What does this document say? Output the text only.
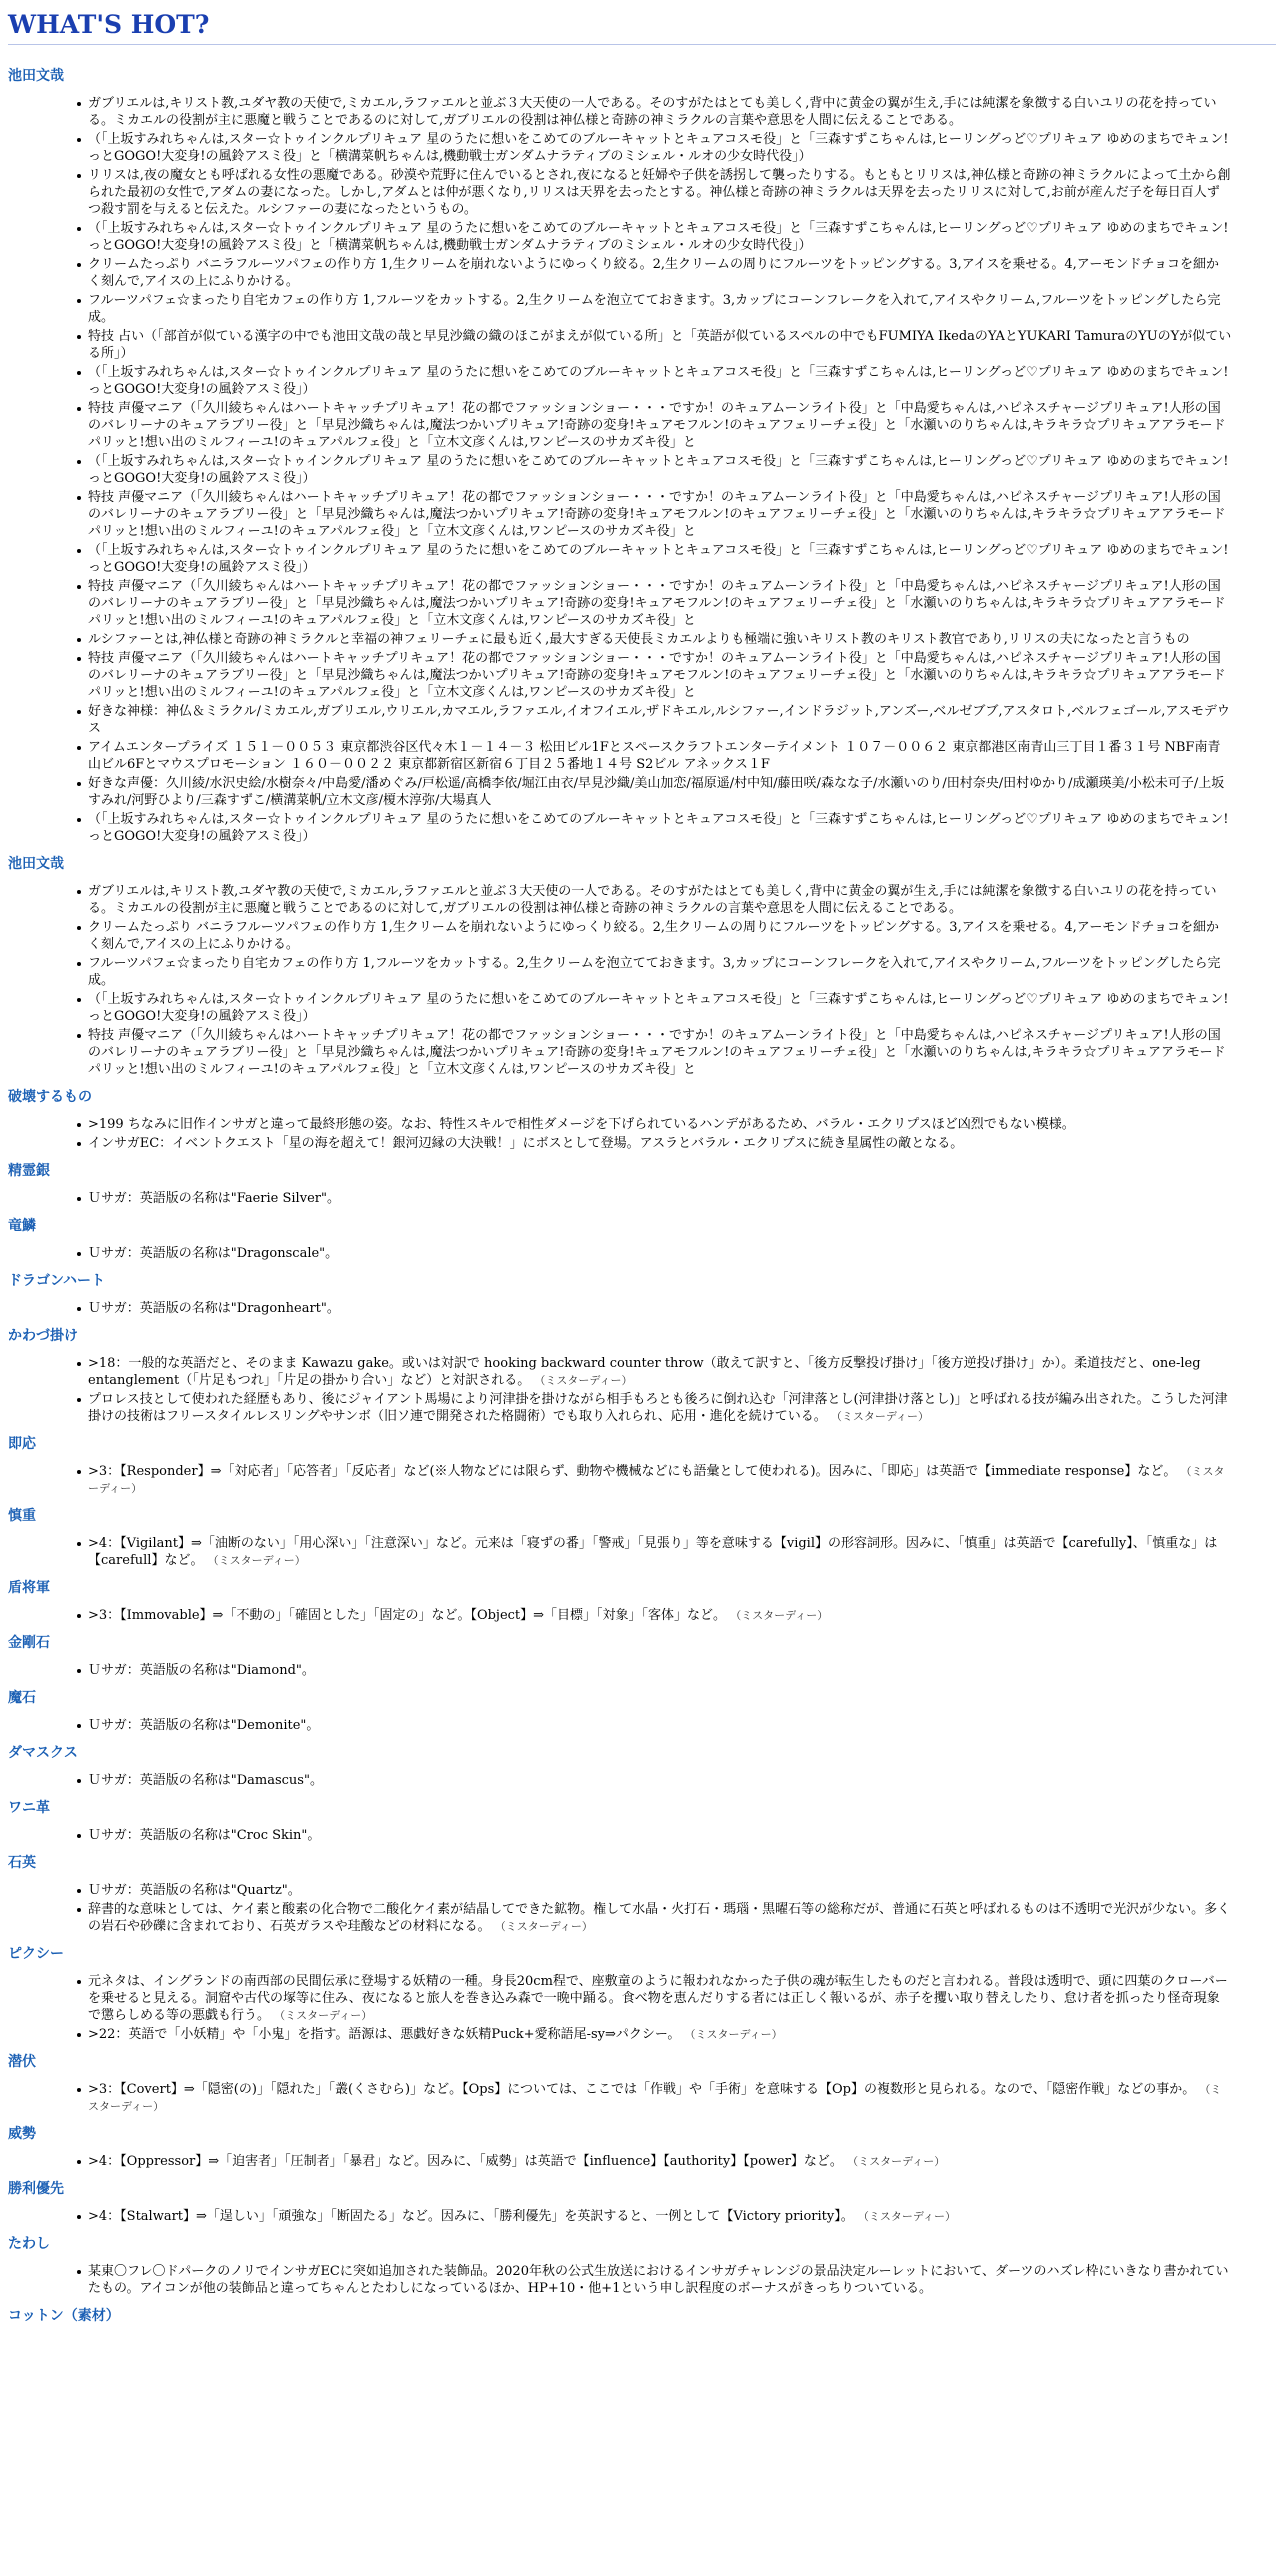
WHAT'S HOT?
池田文哉
ガブリエルは,キリスト教,ユダヤ教の天使で,ミカエル,ラファエルと並ぶ３大天使の一人である。そのすがたはとても美しく,背中に黄金の翼が生え,手には純潔を象徴する白いユリの花を持っている。ミカエルの役割が主に悪魔と戦うことであるのに対して,ガブリエルの役割は神仏様と奇跡の神ミラクルの言葉や意思を人間に伝えることである。
（「上坂すみれちゃんは,スター☆トゥインクルプリキュア 星のうたに想いをこめてのブルーキャットとキュアコスモ役」と「三森すずこちゃんは,ヒーリングっど♡プリキュア ゆめのまちでキュン!っとGOGO!大変身!の風鈴アスミ役」と「横溝菜帆ちゃんは,機動戦士ガンダムナラティブのミシェル・ルオの少女時代役」）
リリスは,夜の魔女とも呼ばれる女性の悪魔である。砂漠や荒野に住んでいるとされ,夜になると妊婦や子供を誘拐して襲ったりする。もともとリリスは,神仏様と奇跡の神ミラクルによって土から創られた最初の女性で,アダムの妻になった。しかし,アダムとは仲が悪くなり,リリスは天界を去ったとする。神仏様と奇跡の神ミラクルは天界を去ったリリスに対して,お前が産んだ子を毎日百人ずつ殺す罰を与えると伝えた。ルシファーの妻になったというもの。
（「上坂すみれちゃんは,スター☆トゥインクルプリキュア 星のうたに想いをこめてのブルーキャットとキュアコスモ役」と「三森すずこちゃんは,ヒーリングっど♡プリキュア ゆめのまちでキュン!っとGOGO!大変身!の風鈴アスミ役」と「横溝菜帆ちゃんは,機動戦士ガンダムナラティブのミシェル・ルオの少女時代役」）
クリームたっぷり バニラフルーツパフェの作り方 1,生クリームを崩れないようにゆっくり絞る。2,生クリームの周りにフルーツをトッピングする。3,アイスを乗せる。4,アーモンドチョコを細かく刻んで,アイスの上にふりかける。
フルーツパフェ☆まったり自宅カフェの作り方 1,フルーツをカットする。2,生クリームを泡立てておきます。3,カップにコーンフレークを入れて,アイスやクリーム,フルーツをトッピングしたら完成。
特技 占い（「部首が似ている漢字の中でも池田文哉の哉と早見沙織の織のほこがまえが似ている所」と「英語が似ているスペルの中でもFUMIYA IkedaのYAとYUKARI TamuraのYUのYが似ている所」）
（「上坂すみれちゃんは,スター☆トゥインクルプリキュア 星のうたに想いをこめてのブルーキャットとキュアコスモ役」と「三森すずこちゃんは,ヒーリングっど♡プリキュア ゆめのまちでキュン!っとGOGO!大変身!の風鈴アスミ役」）
特技 声優マニア（「久川綾ちゃんはハートキャッチプリキュア！花の都でファッションショー・・・ですか！のキュアムーンライト役」と「中島愛ちゃんは,ハピネスチャージプリキュア!人形の国のバレリーナのキュアラブリー役」と「早見沙織ちゃんは,魔法つかいプリキュア!奇跡の変身!キュアモフルン!のキュアフェリーチェ役」と「水瀬いのりちゃんは,キラキラ☆プリキュアアラモード パリッと!想い出のミルフィーユ!のキュアパルフェ役」と「立木文彦くんは,ワンピースのサカズキ役」と
（「上坂すみれちゃんは,スター☆トゥインクルプリキュア 星のうたに想いをこめてのブルーキャットとキュアコスモ役」と「三森すずこちゃんは,ヒーリングっど♡プリキュア ゆめのまちでキュン!っとGOGO!大変身!の風鈴アスミ役」）
特技 声優マニア（「久川綾ちゃんはハートキャッチプリキュア！花の都でファッションショー・・・ですか！のキュアムーンライト役」と「中島愛ちゃんは,ハピネスチャージプリキュア!人形の国のバレリーナのキュアラブリー役」と「早見沙織ちゃんは,魔法つかいプリキュア!奇跡の変身!キュアモフルン!のキュアフェリーチェ役」と「水瀬いのりちゃんは,キラキラ☆プリキュアアラモード パリッと!想い出のミルフィーユ!のキュアパルフェ役」と「立木文彦くんは,ワンピースのサカズキ役」と
（「上坂すみれちゃんは,スター☆トゥインクルプリキュア 星のうたに想いをこめてのブルーキャットとキュアコスモ役」と「三森すずこちゃんは,ヒーリングっど♡プリキュア ゆめのまちでキュン!っとGOGO!大変身!の風鈴アスミ役」）
特技 声優マニア（「久川綾ちゃんはハートキャッチプリキュア！花の都でファッションショー・・・ですか！のキュアムーンライト役」と「中島愛ちゃんは,ハピネスチャージプリキュア!人形の国のバレリーナのキュアラブリー役」と「早見沙織ちゃんは,魔法つかいプリキュア!奇跡の変身!キュアモフルン!のキュアフェリーチェ役」と「水瀬いのりちゃんは,キラキラ☆プリキュアアラモード パリッと!想い出のミルフィーユ!のキュアパルフェ役」と「立木文彦くんは,ワンピースのサカズキ役」と
ルシファーとは,神仏様と奇跡の神ミラクルと幸福の神フェリーチェに最も近く,最大すぎる天使長ミカエルよりも極端に強いキリスト教のキリスト教官であり,リリスの夫になったと言うもの
特技 声優マニア（「久川綾ちゃんはハートキャッチプリキュア！花の都でファッションショー・・・ですか！のキュアムーンライト役」と「中島愛ちゃんは,ハピネスチャージプリキュア!人形の国のバレリーナのキュアラブリー役」と「早見沙織ちゃんは,魔法つかいプリキュア!奇跡の変身!キュアモフルン!のキュアフェリーチェ役」と「水瀬いのりちゃんは,キラキラ☆プリキュアアラモード パリッと!想い出のミルフィーユ!のキュアパルフェ役」と「立木文彦くんは,ワンピースのサカズキ役」と
好きな神様：神仏＆ミラクル/ミカエル,ガブリエル,ウリエル,カマエル,ラファエル,イオフイエル,ザドキエル,ルシファー,インドラジット,アンズー,ベルゼブブ,アスタロト,ベルフェゴール,アスモデウス
アイムエンタープライズ １５１－００５３ 東京都渋谷区代々木１－１４－３ 松田ビル1Fとスペースクラフトエンターテイメント １０７－００６２ 東京都港区南青山三丁目１番３１号 NBF南青山ビル6Fとマウスプロモーション １６０－００２２ 東京都新宿区新宿６丁目２５番地１４号 S2ビル アネックス１F
好きな声優：久川綾/水沢史絵/水樹奈々/中島愛/潘めぐみ/戸松遥/高橋李依/堀江由衣/早見沙織/美山加恋/福原遥/村中知/藤田咲/森なな子/水瀬いのり/田村奈央/田村ゆかり/成瀬瑛美/小松未可子/上坂すみれ/河野ひより/三森すずこ/横溝菜帆/立木文彦/榎木淳弥/大場真人
（「上坂すみれちゃんは,スター☆トゥインクルプリキュア 星のうたに想いをこめてのブルーキャットとキュアコスモ役」と「三森すずこちゃんは,ヒーリングっど♡プリキュア ゆめのまちでキュン!っとGOGO!大変身!の風鈴アスミ役」）
池田文哉
ガブリエルは,キリスト教,ユダヤ教の天使で,ミカエル,ラファエルと並ぶ３大天使の一人である。そのすがたはとても美しく,背中に黄金の翼が生え,手には純潔を象徴する白いユリの花を持っている。ミカエルの役割が主に悪魔と戦うことであるのに対して,ガブリエルの役割は神仏様と奇跡の神ミラクルの言葉や意思を人間に伝えることである。
クリームたっぷり バニラフルーツパフェの作り方 1,生クリームを崩れないようにゆっくり絞る。2,生クリームの周りにフルーツをトッピングする。3,アイスを乗せる。4,アーモンドチョコを細かく刻んで,アイスの上にふりかける。
フルーツパフェ☆まったり自宅カフェの作り方 1,フルーツをカットする。2,生クリームを泡立てておきます。3,カップにコーンフレークを入れて,アイスやクリーム,フルーツをトッピングしたら完成。
（「上坂すみれちゃんは,スター☆トゥインクルプリキュア 星のうたに想いをこめてのブルーキャットとキュアコスモ役」と「三森すずこちゃんは,ヒーリングっど♡プリキュア ゆめのまちでキュン!っとGOGO!大変身!の風鈴アスミ役」）
特技 声優マニア（「久川綾ちゃんはハートキャッチプリキュア！花の都でファッションショー・・・ですか！のキュアムーンライト役」と「中島愛ちゃんは,ハピネスチャージプリキュア!人形の国のバレリーナのキュアラブリー役」と「早見沙織ちゃんは,魔法つかいプリキュア!奇跡の変身!キュアモフルン!のキュアフェリーチェ役」と「水瀬いのりちゃんは,キラキラ☆プリキュアアラモード パリッと!想い出のミルフィーユ!のキュアパルフェ役」と「立木文彦くんは,ワンピースのサカズキ役」と
破壊するもの
>199 ちなみに旧作インサガと違って最終形態の姿。なお、特性スキルで相性ダメージを下げられているハンデがあるため、バラル・エクリプスほど凶烈でもない模様。
インサガEC：イベントクエスト「星の海を超えて！銀河辺縁の大決戦！」にボスとして登場。アスラとバラル・エクリプスに続き星属性の敵となる。
精霊銀
Ｕサガ：英語版の名称は"Faerie Silver"。
竜鱗
Ｕサガ：英語版の名称は"Dragonscale"。
ドラゴンハート
Ｕサガ：英語版の名称は"Dragonheart"。
かわづ掛け
>18：一般的な英語だと、そのまま Kawazu gake。或いは対訳で hooking backward counter throw（敢えて訳すと、「後方反撃投げ掛け」「後方逆投げ掛け」か）。柔道技だと、one-leg entanglement（「片足もつれ」「片足の掛かり合い」など）と対訳される。 （ミスターディー）
プロレス技として使われた経歴もあり、後にジャイアント馬場により河津掛を掛けながら相手もろとも後ろに倒れ込む「河津落とし(河津掛け落とし)」と呼ばれる技が編み出された。こうした河津掛けの技術はフリースタイルレスリングやサンボ（旧ソ連で開発された格闘術）でも取り入れられ、応用・進化を続けている。 （ミスターディー）
即応
>3：【Responder】⇒「対応者」「応答者」「反応者」など(※人物などには限らず、動物や機械などにも語彙として使われる)。因みに、「即応」は英語で【immediate response】など。 （ミスターディー）
慎重
>4：【Vigilant】⇒「油断のない」「用心深い」「注意深い」など。元来は「寝ずの番」「警戒」「見張り」等を意味する【vigil】の形容詞形。因みに、「慎重」は英語で【carefully】、「慎重な」は【carefull】など。 （ミスターディー）
盾将軍
>3：【Immovable】⇒「不動の」「確固とした」「固定の」など。【Object】⇒「目標」「対象」「客体」など。 （ミスターディー）
金剛石
Ｕサガ：英語版の名称は"Diamond"。
魔石
Ｕサガ：英語版の名称は"Demonite"。
ダマスクス
Ｕサガ：英語版の名称は"Damascus"。
ワニ革
Ｕサガ：英語版の名称は"Croc Skin"。
石英
Ｕサガ：英語版の名称は"Quartz"。
辞書的な意味としては、ケイ素と酸素の化合物で二酸化ケイ素が結晶してできた鉱物。権して水晶・火打石・瑪瑙・黒曜石等の総称だが、普通に石英と呼ばれるものは不透明で光沢が少ない。多くの岩石や砂礫に含まれており、石英ガラスや珪酸などの材料になる。 （ミスターディー）
ピクシー
元ネタは、イングランドの南西部の民間伝承に登場する妖精の一種。身長20cm程で、座敷童のように報われなかった子供の魂が転生したものだと言われる。普段は透明で、頭に四葉のクローバーを乗せると見える。洞窟や古代の塚等に住み、夜になると旅人を巻き込み森で一晩中踊る。食べ物を恵んだりする者には正しく報いるが、赤子を攫い取り替えしたり、怠け者を抓ったり怪奇現象で懲らしめる等の悪戯も行う。 （ミスターディー）
>22：英語で「小妖精」や「小鬼」を指す。語源は、悪戯好きな妖精Puck+愛称語尾-sy⇒パクシー。 （ミスターディー）
潜伏
>3：【Covert】⇒「隠密(の)」「隠れた」「叢(くさむら)」など。【Ops】については、ここでは「作戦」や「手術」を意味する【Op】の複数形と見られる。なので、「隠密作戦」などの事か。 （ミスターディー）
威勢
>4：【Oppressor】⇒「迫害者」「圧制者」「暴君」など。因みに、「威勢」は英語で【influence】【authority】【power】など。 （ミスターディー）
勝利優先
>4：【Stalwart】⇒「逞しい」「頑強な」「断固たる」など。因みに、「勝利優先」を英訳すると、一例として【Victory priority】。 （ミスターディー）
たわし
某東〇フレ〇ドパークのノリでインサガECに突如追加された装飾品。2020年秋の公式生放送におけるインサガチャレンジの景品決定ルーレットにおいて、ダーツのハズレ枠にいきなり書かれていたもの。アイコンが他の装飾品と違ってちゃんとたわしになっているほか、HP+10・他+1という申し訳程度のボーナスがきっちりついている。
コットン（素材）
